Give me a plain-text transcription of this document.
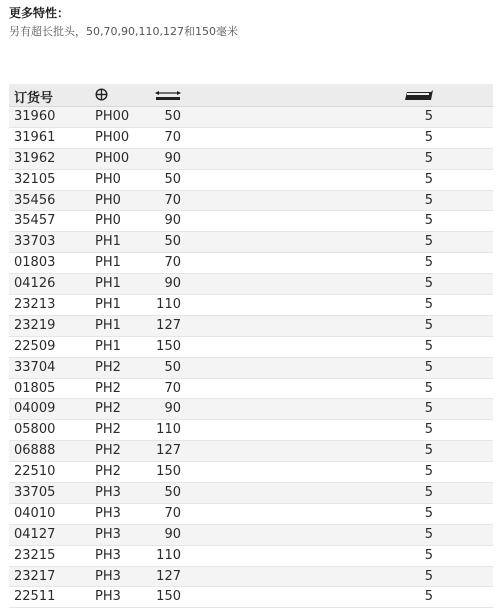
更多特性：
另有超长批头，50,70,90,110,127和150毫米
订货号
31960	PH00	50	5
31961	PH00	70	5
31962	PH00	90	5
32105	PH0	50	5
35456	PH0	70	5
35457	PH0	90	5
33703	PH1	50	5
01803	PH1	70	5
04126	PH1	90	5
23213	PH1	110	5
23219	PH1	127	5
22509	PH1	150	5
33704	PH2	50	5
01805	PH2	70	5
04009	PH2	90	5
05800	PH2	110	5
06888	PH2	127	5
22510	PH2	150	5
33705	PH3	50	5
04010	PH3	70	5
04127	PH3	90	5
23215	PH3	110	5
23217	PH3	127	5
22511	PH3	150	5
